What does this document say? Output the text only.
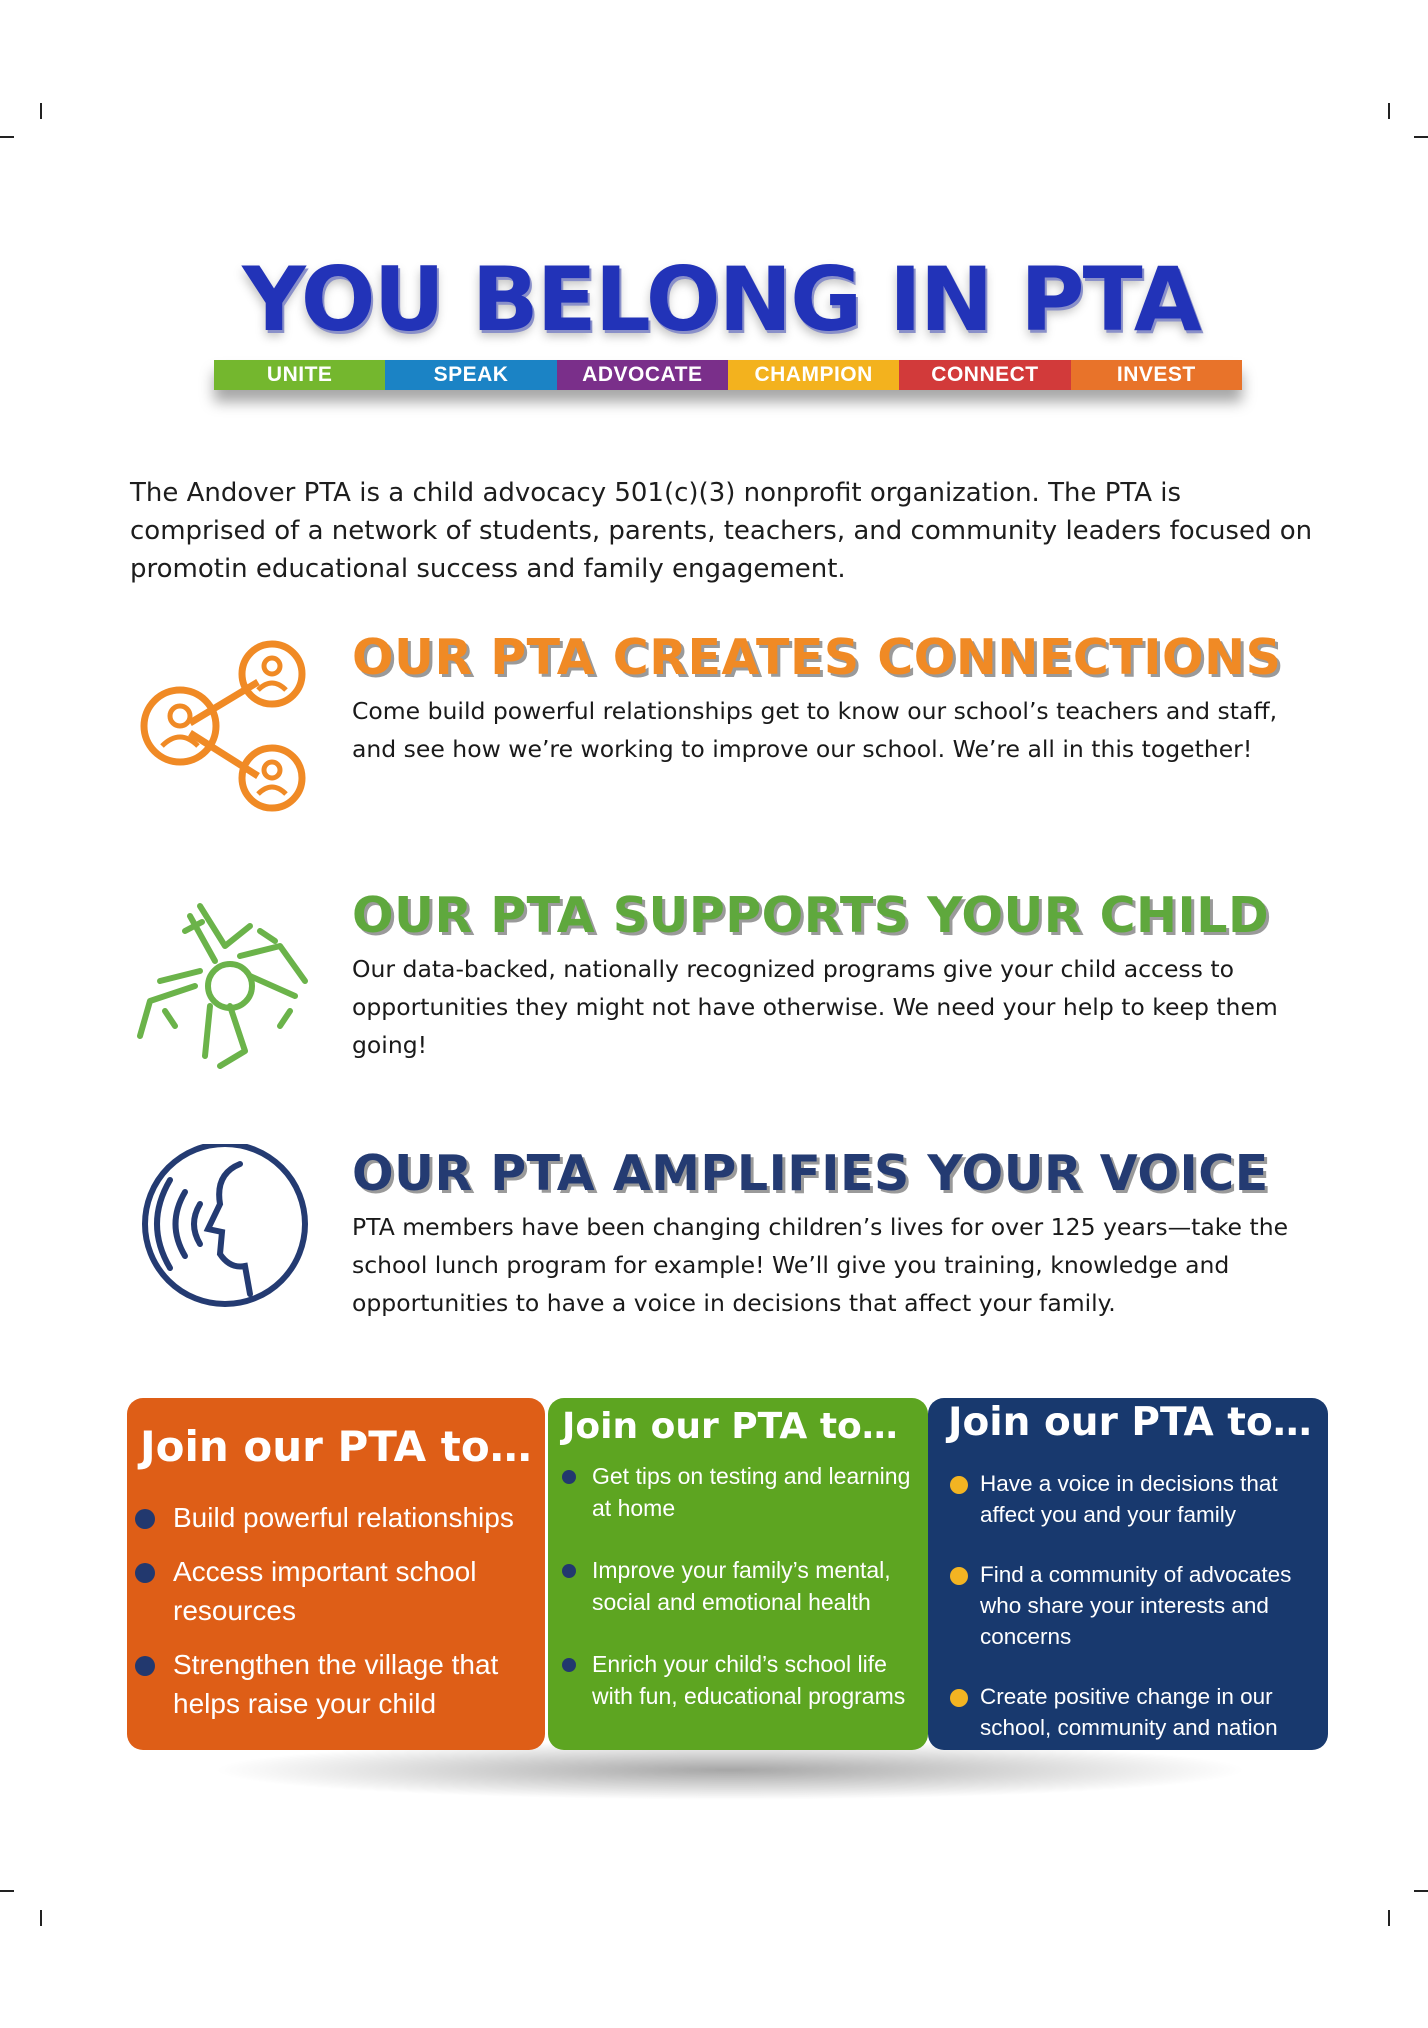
YOU BELONG IN PTA
UNITE	SPEAK	ADVOCATE	CHAMPION	CONNECT	INVEST
The Andover PTA is a child advocacy 501(c)(3) nonprofit organization. The PTA is comprised of a network of students, parents, teachers, and community leaders focused on promotin educational success and family engagement.
OUR PTA CREATES CONNECTIONS
Come build powerful relationships get to know our school’s teachers and staff, and see how we’re working to improve our school. We’re all in this together!
OUR PTA SUPPORTS YOUR CHILD
Our data-backed, nationally recognized programs give your child access to opportunities they might not have otherwise. We need your help to keep them going!
OUR PTA AMPLIFIES YOUR VOICE
PTA members have been changing children’s lives for over 125 years—take the school lunch program for example! We’ll give you training, knowledge and opportunities to have a voice in decisions that affect your family.
Join our PTA to…
Build powerful relationships
Access important school resources
Strengthen the village that helps raise your child
Join our PTA to…
Get tips on testing and learning at home
Improve your family’s mental, social and emotional health
Enrich your child’s school life with fun, educational programs
Join our PTA to…
Have a voice in decisions that affect you and your family
Find a community of advocates who share your interests and concerns
Create positive change in our school, community and nation
